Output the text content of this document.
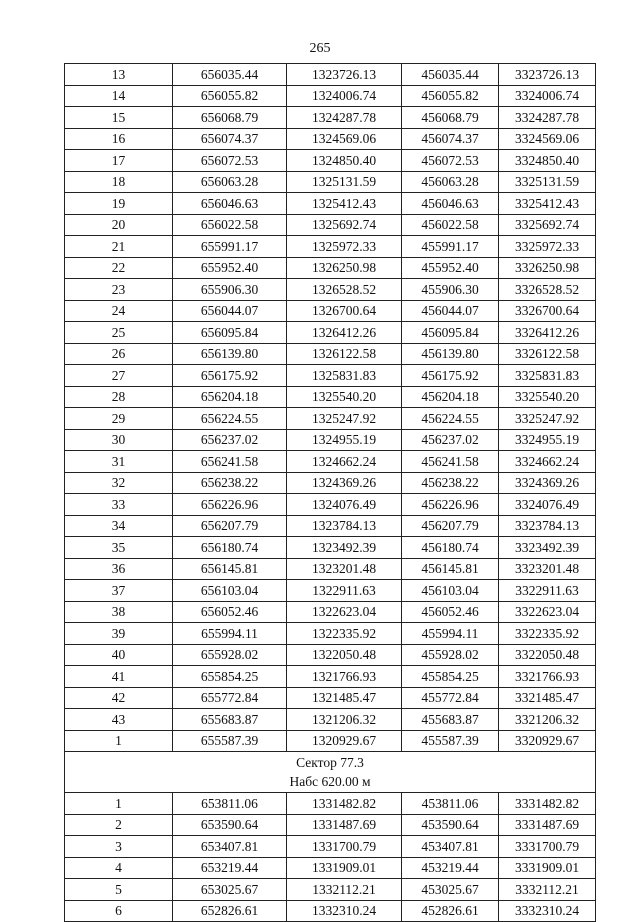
265
13	656035.44	1323726.13	456035.44	3323726.13
14	656055.82	1324006.74	456055.82	3324006.74
15	656068.79	1324287.78	456068.79	3324287.78
16	656074.37	1324569.06	456074.37	3324569.06
17	656072.53	1324850.40	456072.53	3324850.40
18	656063.28	1325131.59	456063.28	3325131.59
19	656046.63	1325412.43	456046.63	3325412.43
20	656022.58	1325692.74	456022.58	3325692.74
21	655991.17	1325972.33	455991.17	3325972.33
22	655952.40	1326250.98	455952.40	3326250.98
23	655906.30	1326528.52	455906.30	3326528.52
24	656044.07	1326700.64	456044.07	3326700.64
25	656095.84	1326412.26	456095.84	3326412.26
26	656139.80	1326122.58	456139.80	3326122.58
27	656175.92	1325831.83	456175.92	3325831.83
28	656204.18	1325540.20	456204.18	3325540.20
29	656224.55	1325247.92	456224.55	3325247.92
30	656237.02	1324955.19	456237.02	3324955.19
31	656241.58	1324662.24	456241.58	3324662.24
32	656238.22	1324369.26	456238.22	3324369.26
33	656226.96	1324076.49	456226.96	3324076.49
34	656207.79	1323784.13	456207.79	3323784.13
35	656180.74	1323492.39	456180.74	3323492.39
36	656145.81	1323201.48	456145.81	3323201.48
37	656103.04	1322911.63	456103.04	3322911.63
38	656052.46	1322623.04	456052.46	3322623.04
39	655994.11	1322335.92	455994.11	3322335.92
40	655928.02	1322050.48	455928.02	3322050.48
41	655854.25	1321766.93	455854.25	3321766.93
42	655772.84	1321485.47	455772.84	3321485.47
43	655683.87	1321206.32	455683.87	3321206.32
1	655587.39	1320929.67	455587.39	3320929.67

Сектор 77.3
Набс 620.00 м				

1	653811.06	1331482.82	453811.06	3331482.82
2	653590.64	1331487.69	453590.64	3331487.69
3	653407.81	1331700.79	453407.81	3331700.79
4	653219.44	1331909.01	453219.44	3331909.01
5	653025.67	1332112.21	453025.67	3332112.21
6	652826.61	1332310.24	452826.61	3332310.24
